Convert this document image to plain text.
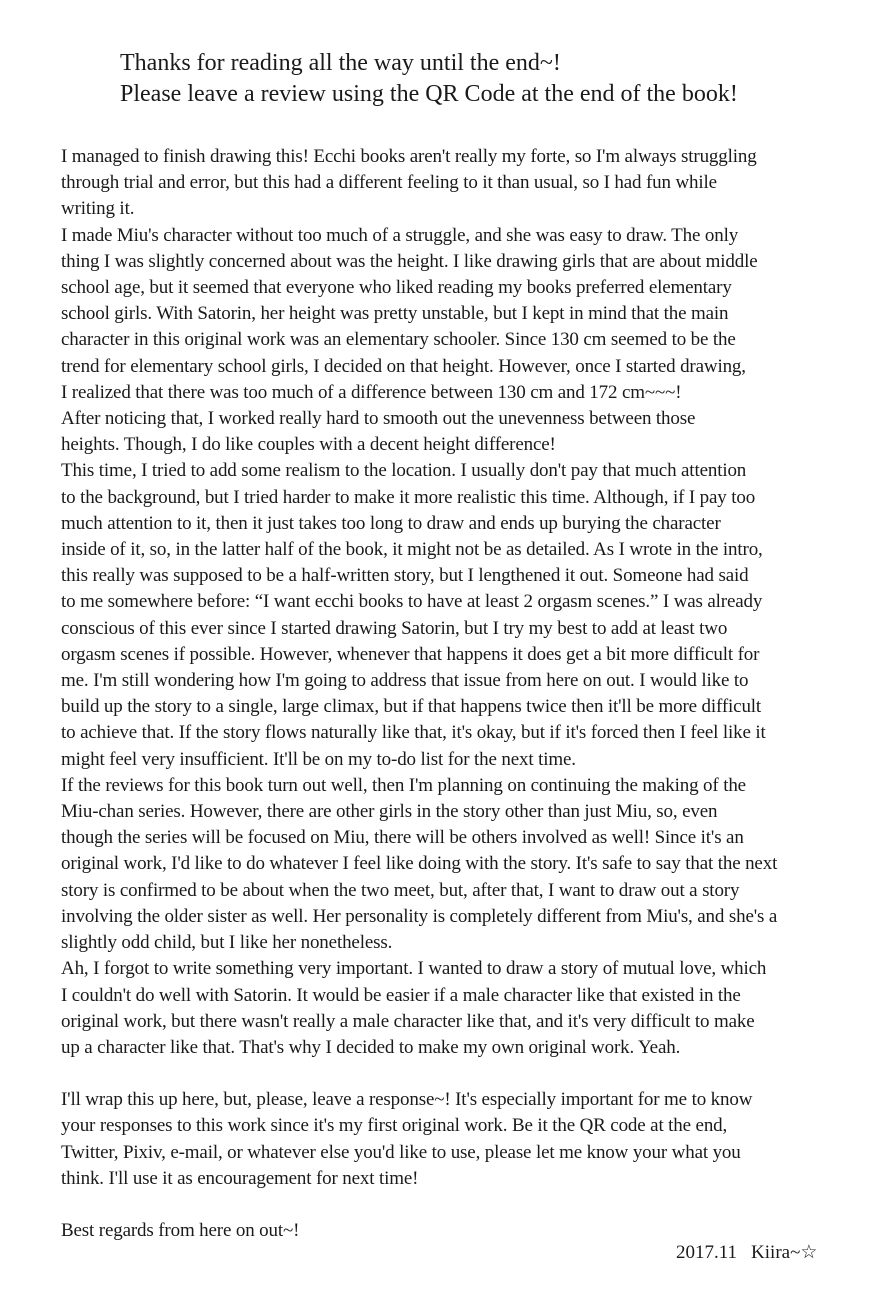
Thanks for reading all the way until the end~!

Please leave a review using the QR Code at the end of the book!

I managed to finish drawing this! Ecchi books aren't really my forte, so I'm always struggling

through trial and error, but this had a different feeling to it than usual, so I had fun while

writing it.

I made Miu's character without too much of a struggle, and she was easy to draw. The only

thing I was slightly concerned about was the height. I like drawing girls that are about middle

school age, but it seemed that everyone who liked reading my books preferred elementary

school girls. With Satorin, her height was pretty unstable, but I kept in mind that the main

character in this original work was an elementary schooler. Since 130 cm seemed to be the

trend for elementary school girls, I decided on that height. However, once I started drawing,

I realized that there was too much of a difference between 130 cm and 172 cm~~~!

After noticing that, I worked really hard to smooth out the unevenness between those

heights. Though, I do like couples with a decent height difference!

This time, I tried to add some realism to the location. I usually don't pay that much attention

to the background, but I tried harder to make it more realistic this time. Although, if I pay too

much attention to it, then it just takes too long to draw and ends up burying the character

inside of it, so, in the latter half of the book, it might not be as detailed. As I wrote in the intro,

this really was supposed to be a half-written story, but I lengthened it out. Someone had said

to me somewhere before: “I want ecchi books to have at least 2 orgasm scenes.” I was already

conscious of this ever since I started drawing Satorin, but I try my best to add at least two

orgasm scenes if possible. However, whenever that happens it does get a bit more difficult for

me. I'm still wondering how I'm going to address that issue from here on out. I would like to

build up the story to a single, large climax, but if that happens twice then it'll be more difficult

to achieve that. If the story flows naturally like that, it's okay, but if it's forced then I feel like it

might feel very insufficient. It'll be on my to-do list for the next time.

If the reviews for this book turn out well, then I'm planning on continuing the making of the

Miu-chan series. However, there are other girls in the story other than just Miu, so, even

though the series will be focused on Miu, there will be others involved as well! Since it's an

original work, I'd like to do whatever I feel like doing with the story. It's safe to say that the next

story is confirmed to be about when the two meet, but, after that, I want to draw out a story

involving the older sister as well. Her personality is completely different from Miu's, and she's a

slightly odd child, but I like her nonetheless.

Ah, I forgot to write something very important. I wanted to draw a story of mutual love, which

I couldn't do well with Satorin. It would be easier if a male character like that existed in the

original work, but there wasn't really a male character like that, and it's very difficult to make

up a character like that. That's why I decided to make my own original work. Yeah.

I'll wrap this up here, but, please, leave a response~! It's especially important for me to know

your responses to this work since it's my first original work. Be it the QR code at the end,

Twitter, Pixiv, e-mail, or whatever else you'd like to use, please let me know your what you

think. I'll use it as encouragement for next time!

Best regards from here on out~!

2017.11 Kiira~☆
